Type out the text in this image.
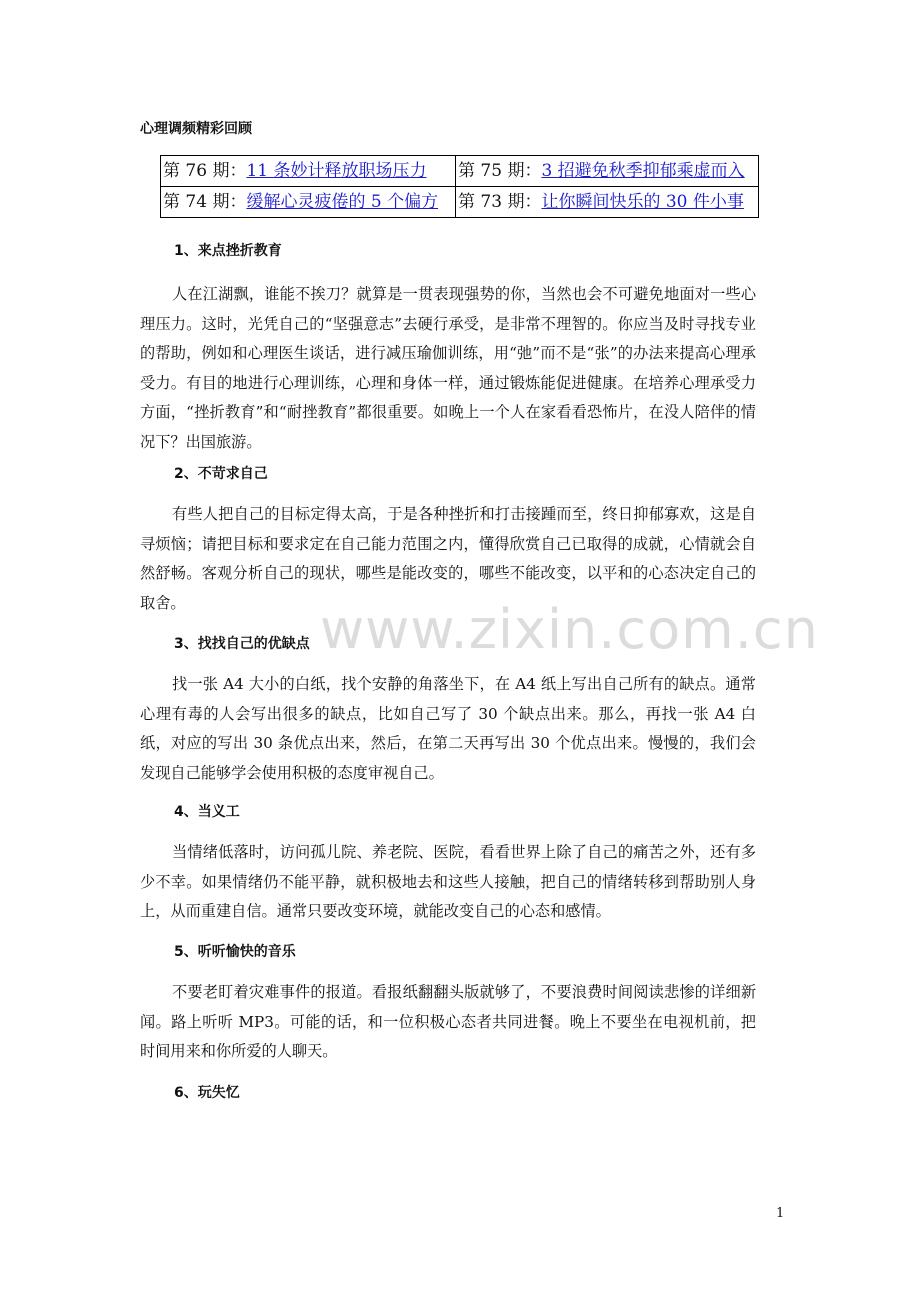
心理调频精彩回顾
第 76 期：11 条妙计释放职场压力	第 75 期：3 招避免秋季抑郁乘虚而入
第 74 期：缓解心灵疲倦的 5 个偏方	第 73 期：让你瞬间快乐的 30 件小事
1、来点挫折教育

人在江湖飘，谁能不挨刀？就算是一贯表现强势的你，当然也会不可避免地面对一些心理压力。这时，光凭自己的“坚强意志”去硬行承受，是非常不理智的。你应当及时寻找专业的帮助，例如和心理医生谈话，进行减压瑜伽训练，用“弛”而不是“张”的办法来提高心理承受力。有目的地进行心理训练，心理和身体一样，通过锻炼能促进健康。在培养心理承受力方面，“挫折教育”和“耐挫教育”都很重要。如晚上一个人在家看看恐怖片，在没人陪伴的情况下？出国旅游。

2、不苛求自己

有些人把自己的目标定得太高，于是各种挫折和打击接踵而至，终日抑郁寡欢，这是自寻烦恼；请把目标和要求定在自己能力范围之内，懂得欣赏自己已取得的成就，心情就会自然舒畅。客观分析自己的现状，哪些是能改变的，哪些不能改变，以平和的心态决定自己的取舍。

3、找找自己的优缺点

找一张 A4 大小的白纸，找个安静的角落坐下，在 A4 纸上写出自己所有的缺点。通常心理有毒的人会写出很多的缺点，比如自己写了 30 个缺点出来。那么，再找一张 A4 白纸，对应的写出 30 条优点出来，然后，在第二天再写出 30 个优点出来。慢慢的，我们会发现自己能够学会使用积极的态度审视自己。

4、当义工

当情绪低落时，访问孤儿院、养老院、医院，看看世界上除了自己的痛苦之外，还有多少不幸。如果情绪仍不能平静，就积极地去和这些人接触，把自己的情绪转移到帮助别人身上，从而重建自信。通常只要改变环境，就能改变自己的心态和感情。

5、听听愉快的音乐

不要老盯着灾难事件的报道。看报纸翻翻头版就够了，不要浪费时间阅读悲惨的详细新闻。路上听听 MP3。可能的话，和一位积极心态者共同进餐。晚上不要坐在电视机前，把时间用来和你所爱的人聊天。

6、玩失忆
www.zixin.com.cn
1
